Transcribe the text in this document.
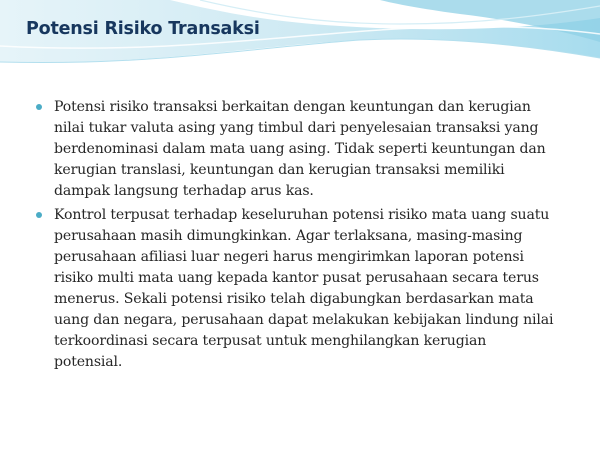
Potensi Risiko Transaksi
Potensi risiko transaksi berkaitan dengan keuntungan dan kerugian
nilai tukar valuta asing yang timbul dari penyelesaian transaksi yang
berdenominasi dalam mata uang asing. Tidak seperti keuntungan dan
kerugian translasi, keuntungan dan kerugian transaksi memiliki
dampak langsung terhadap arus kas.
Kontrol terpusat terhadap keseluruhan potensi risiko mata uang suatu
perusahaan masih dimungkinkan. Agar terlaksana, masing-masing
perusahaan afiliasi luar negeri harus mengirimkan laporan potensi
risiko multi mata uang kepada kantor pusat perusahaan secara terus
menerus. Sekali potensi risiko telah digabungkan berdasarkan mata
uang dan negara, perusahaan dapat melakukan kebijakan lindung nilai
terkoordinasi secara terpusat untuk menghilangkan kerugian
potensial.
